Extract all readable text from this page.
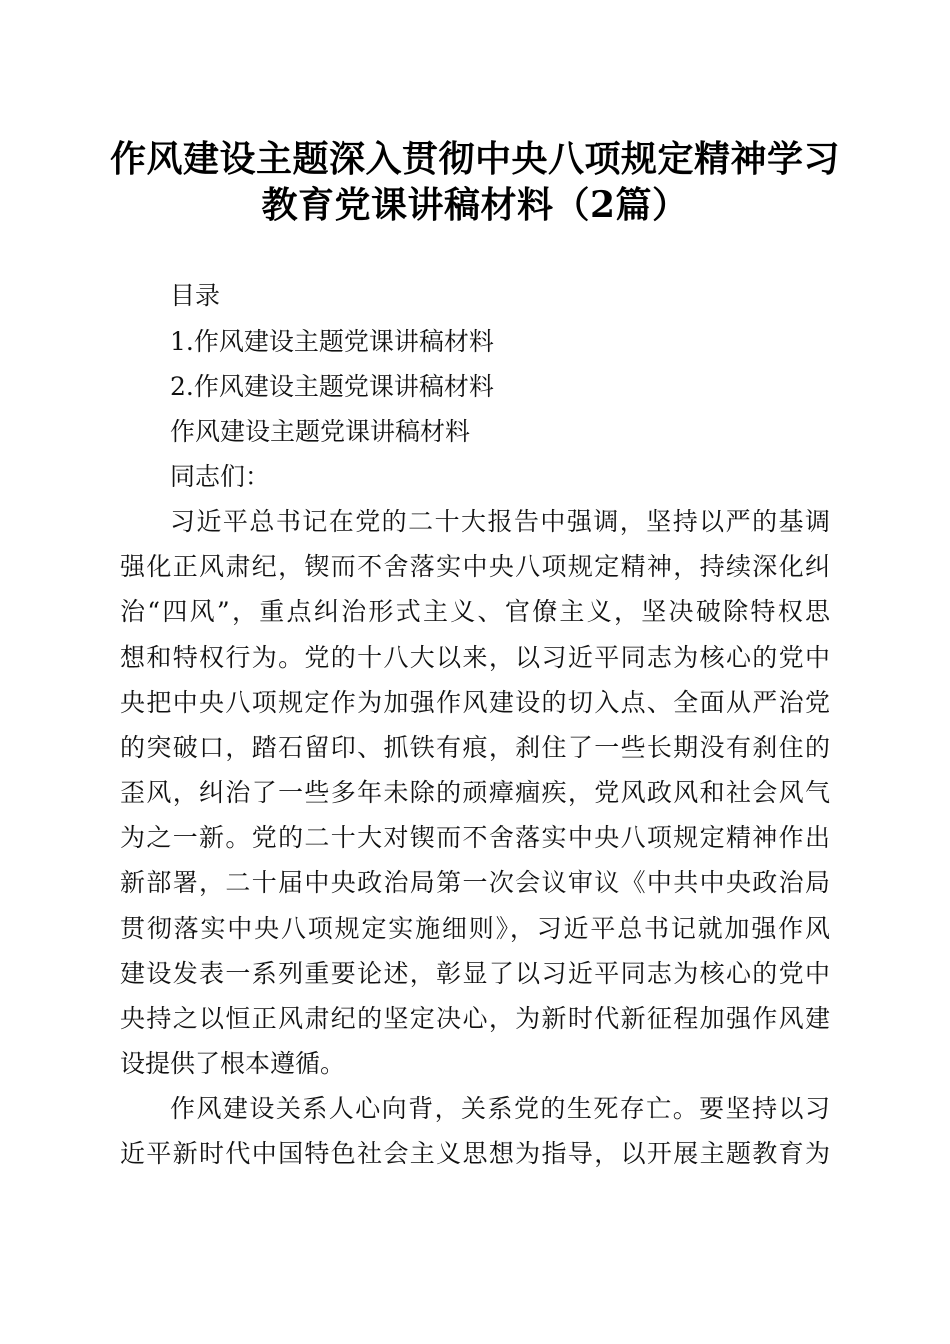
作风建设主题深入贯彻中央八项规定精神学习
教育党课讲稿材料（2篇）
目录
1.作风建设主题党课讲稿材料
2.作风建设主题党课讲稿材料
作风建设主题党课讲稿材料
同志们：
习近平总书记在党的二十大报告中强调，坚持以严的基调
强化正风肃纪，锲而不舍落实中央八项规定精神，持续深化纠
治“四风”，重点纠治形式主义、官僚主义，坚决破除特权思
想和特权行为。党的十八大以来，以习近平同志为核心的党中
央把中央八项规定作为加强作风建设的切入点、全面从严治党
的突破口，踏石留印、抓铁有痕，刹住了一些长期没有刹住的
歪风，纠治了一些多年未除的顽瘴痼疾，党风政风和社会风气
为之一新。党的二十大对锲而不舍落实中央八项规定精神作出
新部署，二十届中央政治局第一次会议审议《中共中央政治局
贯彻落实中央八项规定实施细则》，习近平总书记就加强作风
建设发表一系列重要论述，彰显了以习近平同志为核心的党中
央持之以恒正风肃纪的坚定决心，为新时代新征程加强作风建
设提供了根本遵循。
作风建设关系人心向背，关系党的生死存亡。要坚持以习
近平新时代中国特色社会主义思想为指导，以开展主题教育为
